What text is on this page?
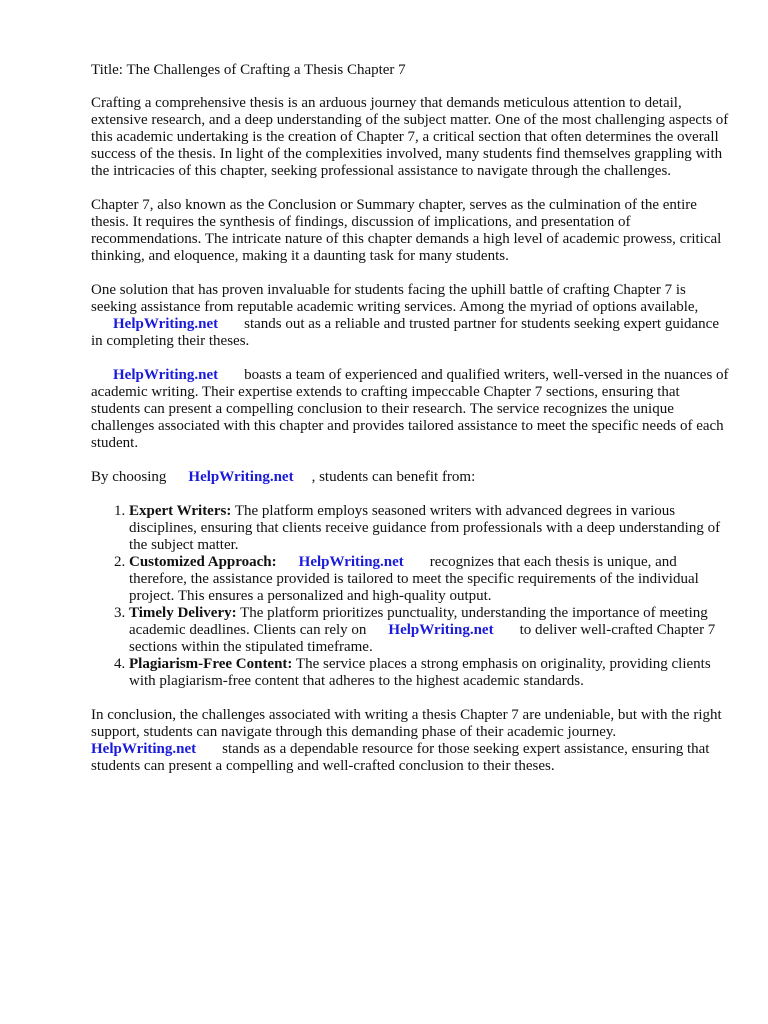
Title: The Challenges of Crafting a Thesis Chapter 7

Crafting a comprehensive thesis is an arduous journey that demands meticulous attention to detail, extensive research, and a deep understanding of the subject matter. One of the most challenging aspects of this academic undertaking is the creation of Chapter 7, a critical section that often determines the overall success of the thesis. In light of the complexities involved, many students find themselves grappling with the intricacies of this chapter, seeking professional assistance to navigate through the challenges.

Chapter 7, also known as the Conclusion or Summary chapter, serves as the culmination of the entire thesis. It requires the synthesis of findings, discussion of implications, and presentation of recommendations. The intricate nature of this chapter demands a high level of academic prowess, critical thinking, and eloquence, making it a daunting task for many students.

One solution that has proven invaluable for students facing the uphill battle of crafting Chapter 7 is seeking assistance from reputable academic writing services. Among the myriad of options available,
HelpWriting.net stands out as a reliable and trusted partner for students seeking expert guidance in completing their theses.

HelpWriting.net boasts a team of experienced and qualified writers, well-versed in the nuances of academic writing. Their expertise extends to crafting impeccable Chapter 7 sections, ensuring that students can present a compelling conclusion to their research. The service recognizes the unique challenges associated with this chapter and provides tailored assistance to meet the specific needs of each student.

By choosing HelpWriting.net , students can benefit from:

1. Expert Writers: The platform employs seasoned writers with advanced degrees in various disciplines, ensuring that clients receive guidance from professionals with a deep understanding of the subject matter.
2. Customized Approach: HelpWriting.net recognizes that each thesis is unique, and therefore, the assistance provided is tailored to meet the specific requirements of the individual project. This ensures a personalized and high-quality output.
3. Timely Delivery: The platform prioritizes punctuality, understanding the importance of meeting academic deadlines. Clients can rely on HelpWriting.net to deliver well-crafted Chapter 7 sections within the stipulated timeframe.
4. Plagiarism-Free Content: The service places a strong emphasis on originality, providing clients with plagiarism-free content that adheres to the highest academic standards.

In conclusion, the challenges associated with writing a thesis Chapter 7 are undeniable, but with the right support, students can navigate through this demanding phase of their academic journey.
HelpWriting.net stands as a dependable resource for those seeking expert assistance, ensuring that students can present a compelling and well-crafted conclusion to their theses.
